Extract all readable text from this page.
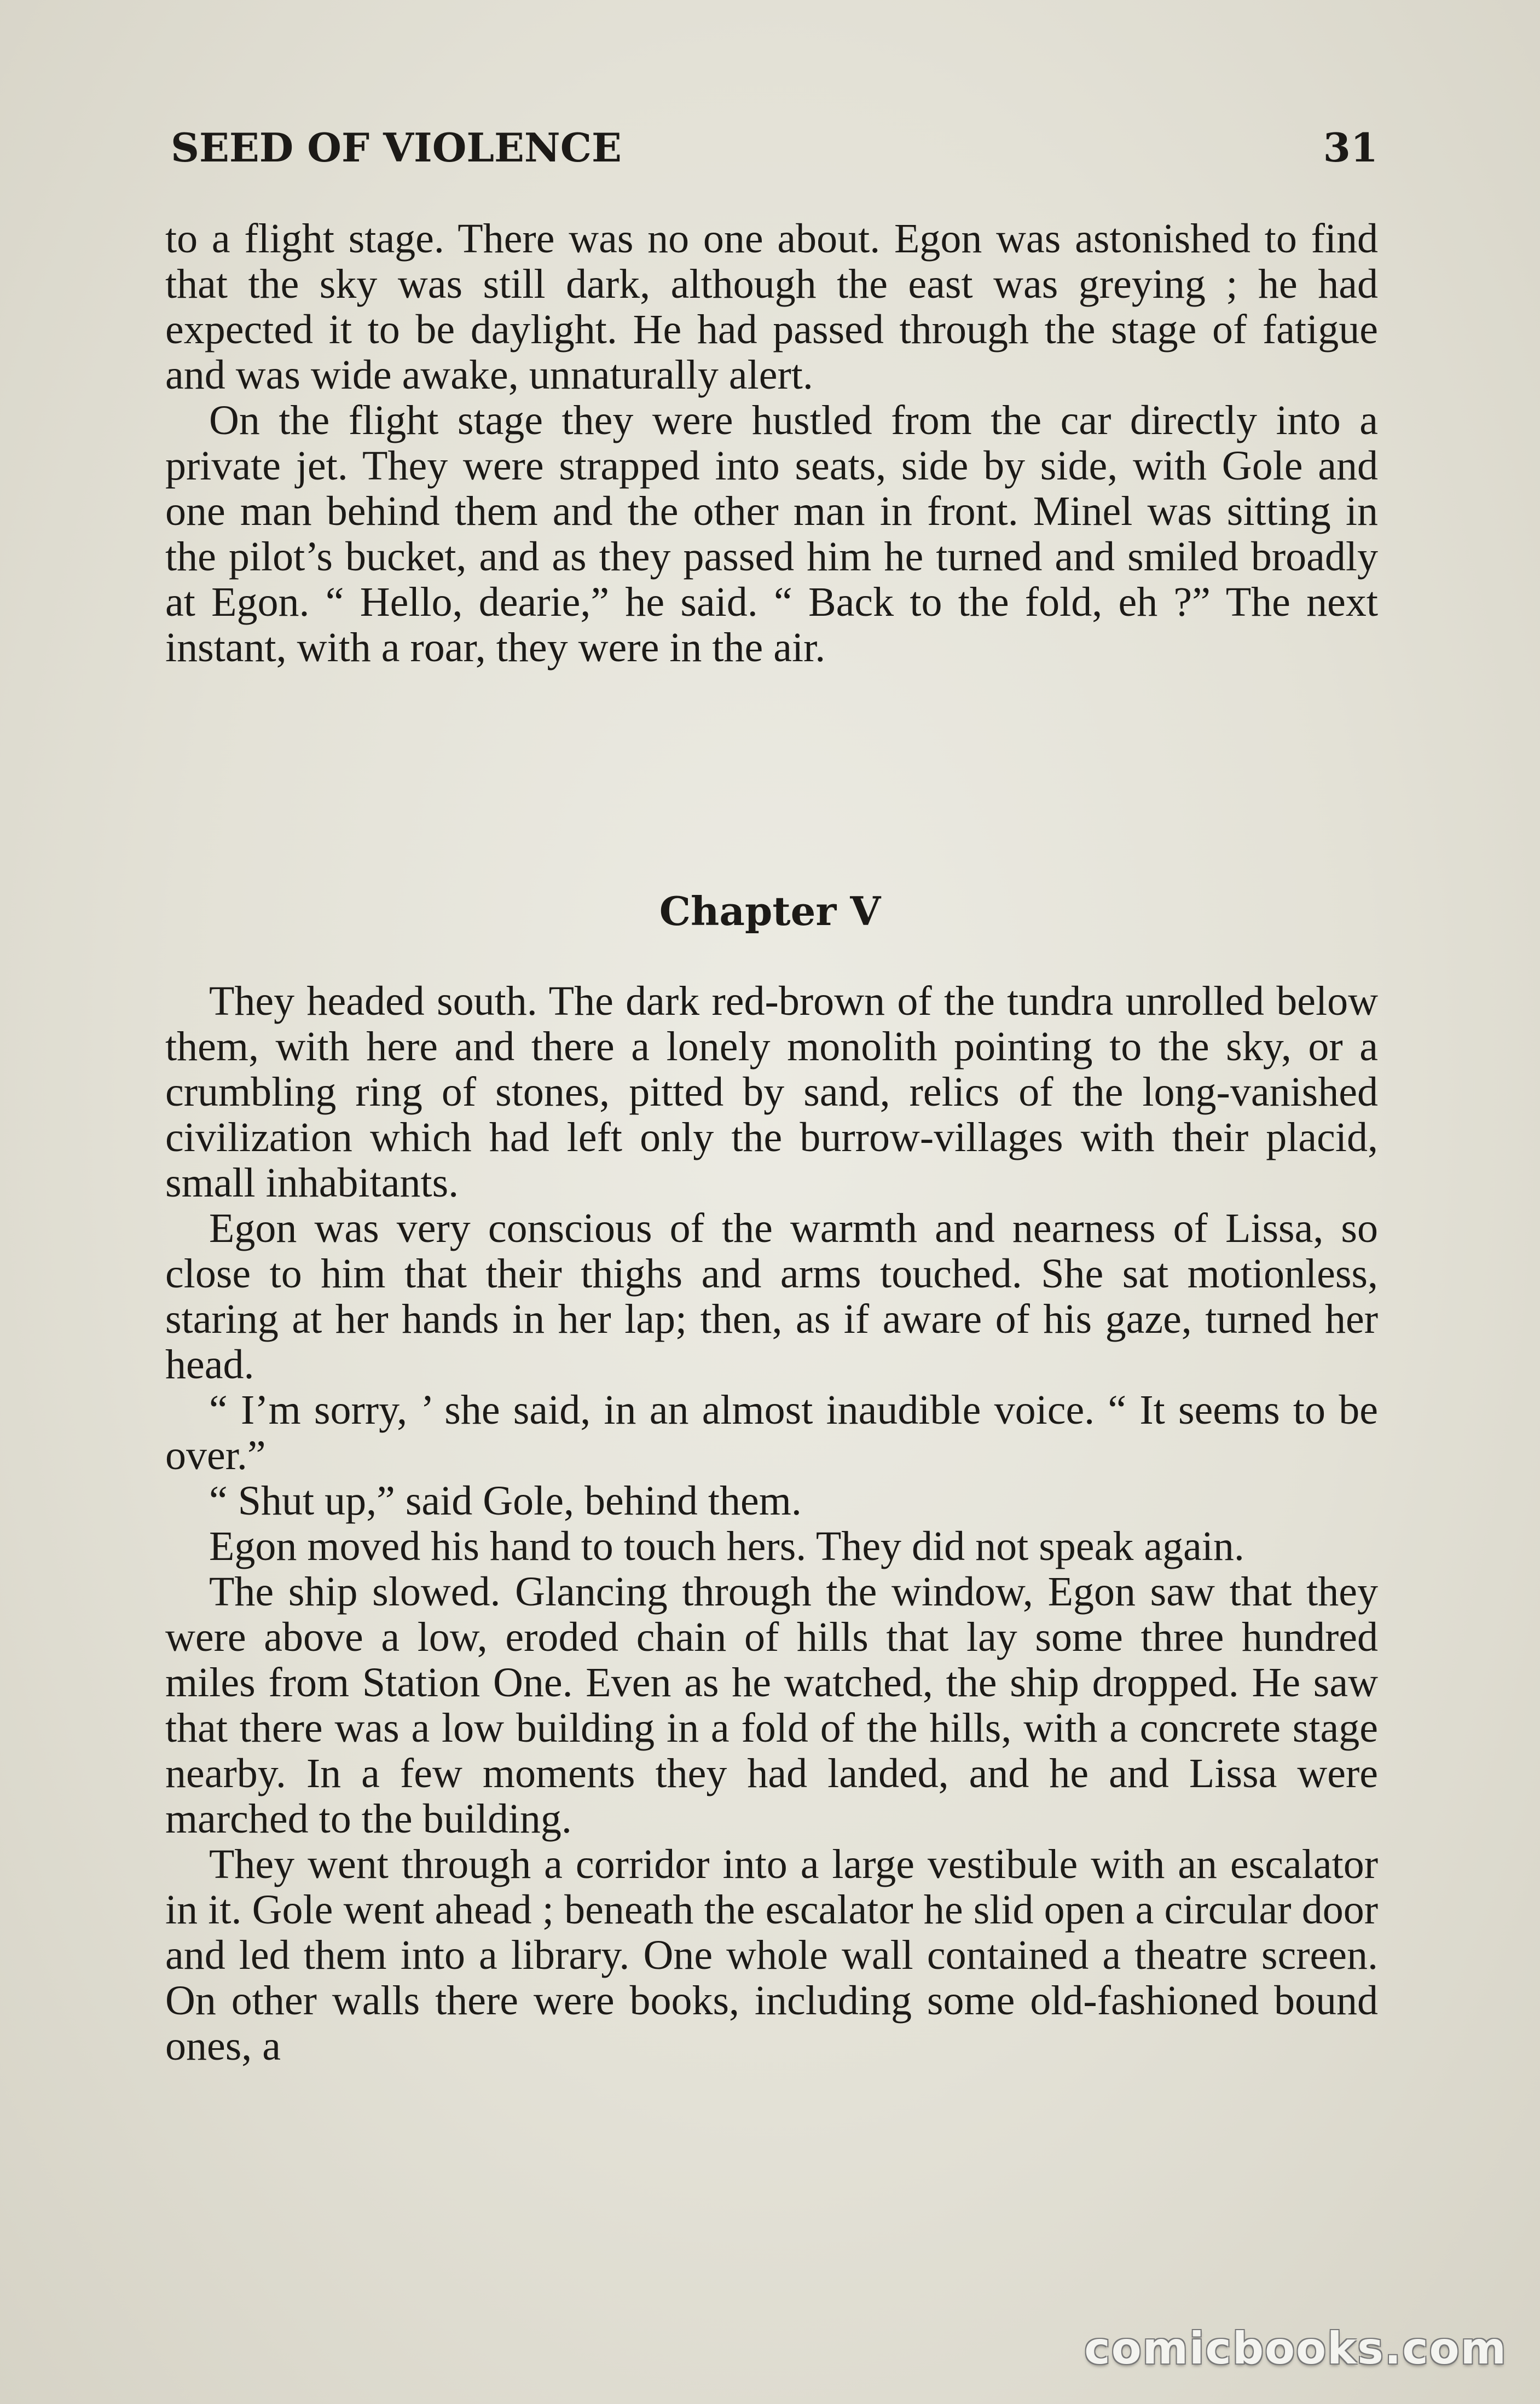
SEED OF VIOLENCE	31

to a flight stage. There was no one about. Egon was astonished to find that the sky was still dark, although the east was greying ; he had expected it to be daylight. He had passed through the stage of fatigue and was wide awake, unnaturally alert.

On the flight stage they were hustled from the car directly into a private jet. They were strapped into seats, side by side, with Gole and one man behind them and the other man in front. Minel was sitting in the pilot’s bucket, and as they passed him he turned and smiled broadly at Egon. “ Hello, dearie,” he said. “ Back to the fold, eh ?” The next instant, with a roar, they were in the air.

Chapter V

They headed south. The dark red-brown of the tundra unrolled below them, with here and there a lonely monolith pointing to the sky, or a crumbling ring of stones, pitted by sand, relics of the long-vanished civilization which had left only the burrow-villages with their placid, small inhabitants.

Egon was very conscious of the warmth and nearness of Lissa, so close to him that their thighs and arms touched. She sat motionless, staring at her hands in her lap; then, as if aware of his gaze, turned her head.

“ I’m sorry, ’ she said, in an almost inaudible voice. “ It seems to be over.”

“ Shut up,” said Gole, behind them.

Egon moved his hand to touch hers. They did not speak again.

The ship slowed. Glancing through the window, Egon saw that they were above a low, eroded chain of hills that lay some three hundred miles from Station One. Even as he watched, the ship dropped. He saw that there was a low building in a fold of the hills, with a concrete stage nearby. In a few moments they had landed, and he and Lissa were marched to the building.

They went through a corridor into a large vestibule with an escalator in it. Gole went ahead ; beneath the escalator he slid open a circular door and led them into a library. One whole wall contained a theatre screen. On other walls there were books, including some old-fashioned bound ones, a

comicbooks.com
